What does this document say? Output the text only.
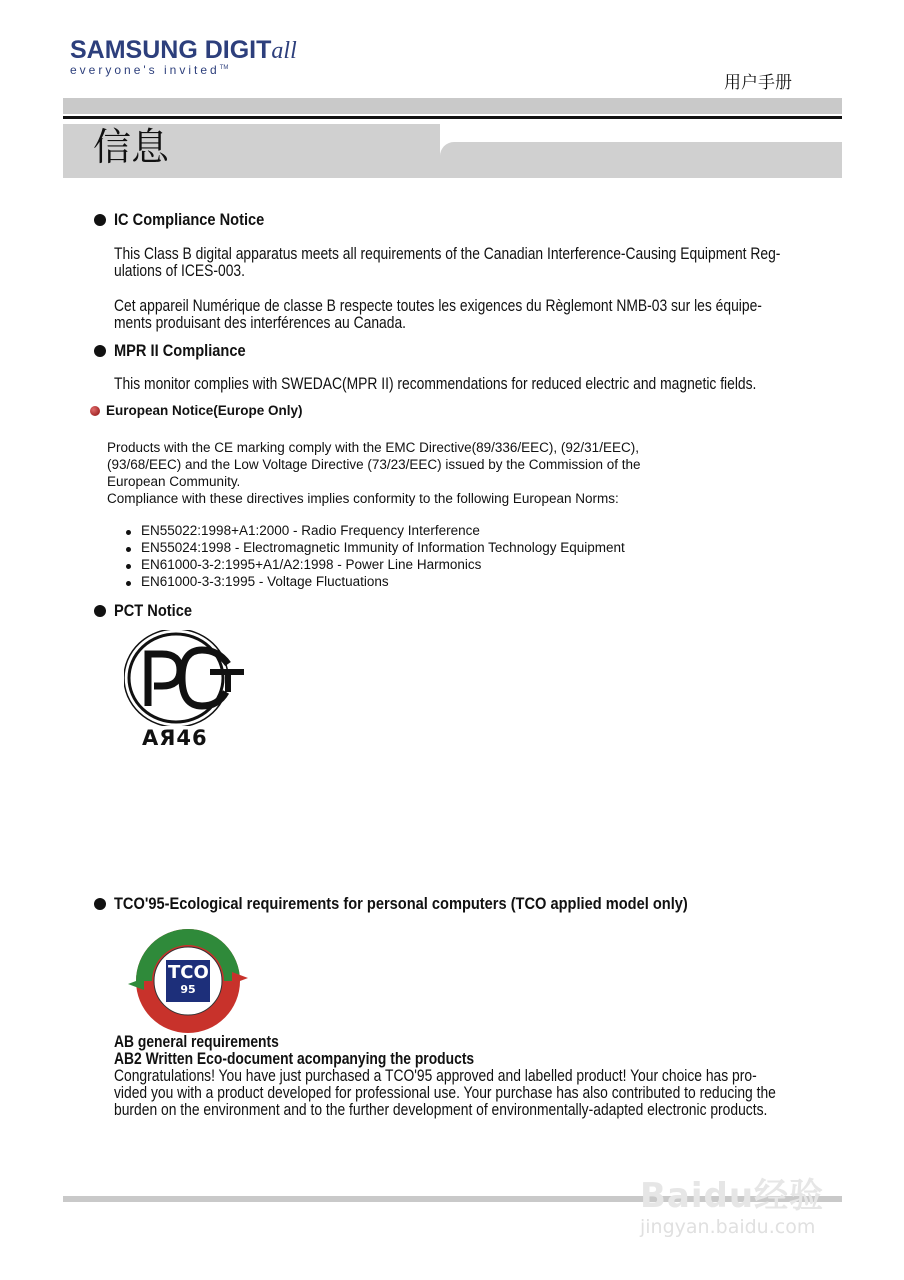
SAMSUNG DIGITall
everyone's invited™
用户手册
信息
IC Compliance Notice
This Class B digital apparatus meets all requirements of the Canadian Interference-Causing Equipment Reg-
ulations of ICES-003.
Cet appareil Numérique de classe B respecte toutes les exigences du Règlemont NMB-03 sur les équipe-
ments produisant des interférences au Canada.
MPR II Compliance
This monitor complies with SWEDAC(MPR II) recommendations for reduced electric and magnetic fields.
European Notice(Europe Only)
Products with the CE marking comply with the EMC Directive(89/336/EEC), (92/31/EEC),
(93/68/EEC) and the Low Voltage Directive (73/23/EEC) issued by the Commission of the
European Community.
Compliance with these directives implies conformity to the following European Norms:
EN55022:1998+A1:2000 - Radio Frequency Interference
EN55024:1998 - Electromagnetic Immunity of Information Technology Equipment
EN61000-3-2:1995+A1/A2:1998 - Power Line Harmonics
EN61000-3-3:1995 - Voltage Fluctuations
PCT Notice
AЯ46
TCO'95-Ecological requirements for personal computers (TCO applied model only)
TCO
95
AB general requirements
AB2 Written Eco-document acompanying the products
Congratulations! You have just purchased a TCO'95 approved and labelled product! Your choice has pro-
vided you with a product developed for professional use. Your purchase has also contributed to reducing the
burden on the environment and to the further development of environmentally-adapted electronic products.
Baidu经验
jingyan.baidu.com
